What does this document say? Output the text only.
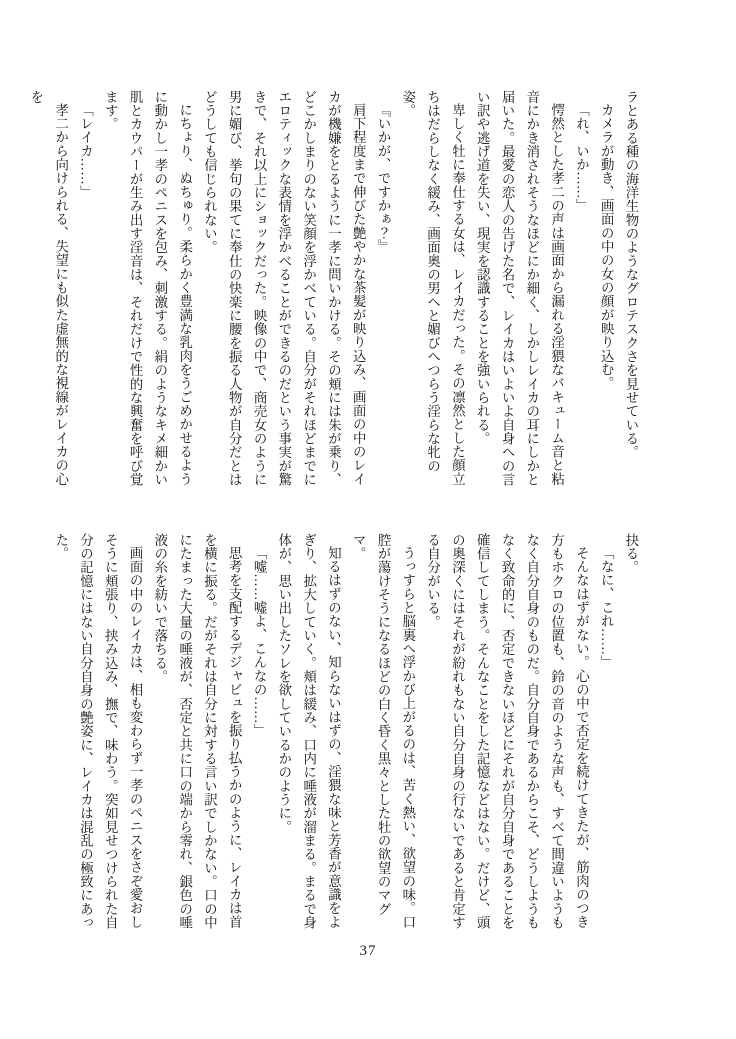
ラとある種の海洋生物のようなグロテスクさを見せている。

カメラが動き、画面の中の女の顔が映り込む。

「れ、いか……」

愕然とした孝二の声は画面から漏れる淫猥なバキューム音と粘音にかき消されそうなほどにか細く、しかしレイカの耳にしかと届いた。最愛の恋人の告げた名で、レイカはいよいよ自身への言い訳や逃げ道を失い、現実を認識することを強いられる。

卑しく牡に奉仕する女は、レイカだった。その凛然とした顔立ちはだらしなく緩み、画面奥の男へと媚びへつらう淫らな牝の姿。

『いかが、ですかぁ？』

肩下程度まで伸びた艶やかな茶髪が映り込み、画面の中のレイカが機嫌をとるように一孝に問いかける。その頬には朱が乗り、どこかしまりのない笑顔を浮かべている。自分がそれほどまでにエロティックな表情を浮かべることができるのだという事実が驚きで、それ以上にショックだった。映像の中で、商売女のように男に媚び、挙句の果てに奉仕の快楽に腰を振る人物が自分だとはどうしても信じられない。

にちょり、ぬちゅり。柔らかく豊満な乳肉をうごめかせるように動かし一孝のペニスを包み、刺激する。絹のようなキメ細かい肌とカウパーが生み出す淫音は、それだけで性的な興奮を呼び覚ます。

「レイカ……」

孝二から向けられる、失望にも似た虚無的な視線がレイカの心を

抉る。

「なに、これ……」

そんなはずがない。心の中で否定を続けてきたが、筋肉のつき方もホクロの位置も、鈴の音のような声も、すべて間違いようもなく自分自身のものだ。自分自身であるからこそ、どうしようもなく致命的に、否定できないほどにそれが自分自身であることを確信してしまう。そんなことをした記憶などはない。だけど、頭の奥深くにはそれが紛れもない自分自身の行ないであると肯定する自分がいる。

うっすらと脳裏へ浮かび上がるのは、苦く熱い、欲望の味。口腔が蕩けそうになるほどの白く昏く黒々とした牡の欲望のマグマ。

知るはずのない、知らないはずの、淫猥な味と芳香が意識をよぎり、拡大していく。頬は緩み、口内に唾液が溜まる。まるで身体が、思い出したソレを欲しているかのように。

「嘘……嘘よ、こんなの……」

思考を支配するデジャビュを振り払うかのように、レイカは首を横に振る。だがそれは自分に対する言い訳でしかない。口の中にたまった大量の唾液が、否定と共に口の端から零れ、銀色の唾液の糸を紡いで落ちる。

画面の中のレイカは、相も変わらず一孝のペニスをさぞ愛おしそうに頬張り、挟み込み、撫で、味わう。突如見せつけられた自分の記憶にはない自分自身の艶姿に、レイカは混乱の極致にあった。

37
